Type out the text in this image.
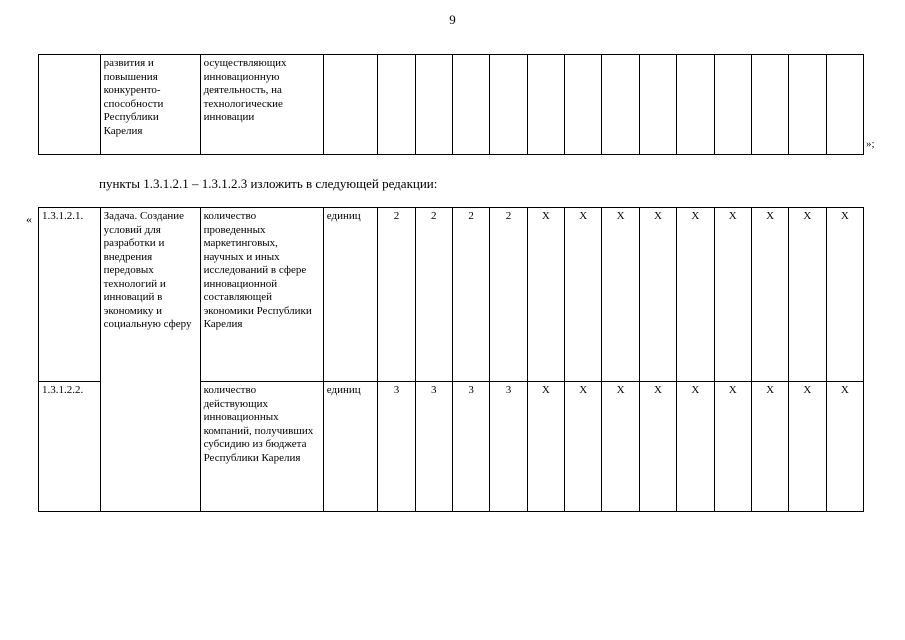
9
	развития и повышения конкуренто-способности Республики Карелия	осуществляющих инновационную деятельность, на технологические инновации														
»;
пункты 1.3.1.2.1 – 1.3.1.2.3 изложить в следующей редакции:
« 1.3.1.2.1.	Задача. Создание условий для разработки и внедрения передовых технологий и инноваций в экономику и социальную сферу	количество проведенных маркетинговых, научных и иных исследований в сфере инновационной составляющей экономики Республики Карелия	единиц	2	2	2	2	X	X	X	X	X	X	X	X	X
1.3.1.2.2.		количество действующих инновационных компаний, получивших субсидию из бюджета Республики Карелия	единиц	3	3	3	3	X	X	X	X	X	X	X	X	X
